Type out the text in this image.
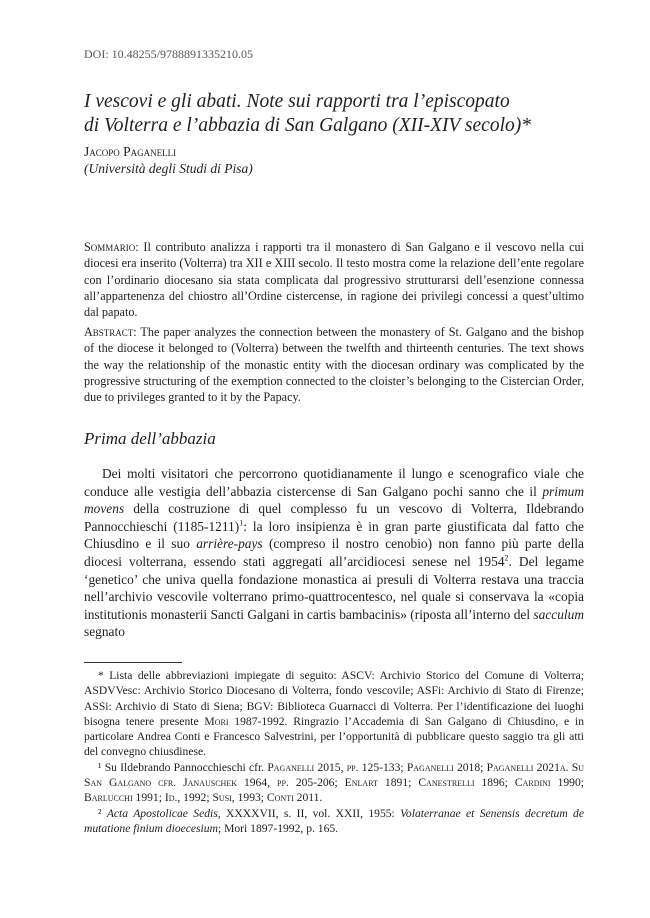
DOI: 10.48255/9788891335210.05
I vescovi e gli abati. Note sui rapporti tra l’episcopato
di Volterra e l’abbazia di San Galgano (XII-XIV secolo)*
Jacopo Paganelli
(Università degli Studi di Pisa)
Sommario: Il contributo analizza i rapporti tra il monastero di San Galgano e il vescovo nella cui diocesi era inserito (Volterra) tra XII e XIII secolo. Il testo mostra come la relazione dell’ente regolare con l’ordinario diocesano sia stata complicata dal progressivo strutturarsi dell’esenzione connessa all’appartenenza del chiostro all’Ordine cistercense, in ragione dei privilegi concessi a quest’ultimo dal papato.
Abstract: The paper analyzes the connection between the monastery of St. Galgano and the bishop of the diocese it belonged to (Volterra) between the twelfth and thirteenth centuries. The text shows the way the relationship of the monastic entity with the diocesan ordinary was complicated by the progressive structuring of the exemption connected to the cloister’s belonging to the Cistercian Order, due to privileges granted to it by the Papacy.
Prima dell’abbazia

Dei molti visitatori che percorrono quotidianamente il lungo e scenografico viale che conduce alle vestigia dell’abbazia cistercense di San Galgano pochi sanno che il primum movens della costruzione di quel complesso fu un vescovo di Volterra, Ildebrando Pannocchieschi (1185-1211)$^1$: la loro insipienza è in gran parte giustificata dal fatto che Chiusdino e il suo arrière-pays (compreso il nostro cenobio) non fanno più parte della diocesi volterrana, essendo stati aggregati all’arcidiocesi senese nel 1954$^2$. Del legame ‘genetico’ che univa quella fondazione monastica ai presuli di Volterra restava una traccia nell’archivio vescovile volterrano primo-quattrocentesco, nel quale si conservava la «copia institutionis monasterii Sancti Galgani in cartis bambacinis» (riposta all’interno del sacculum segnato

* Lista delle abbreviazioni impiegate di seguito: ASCV: Archivio Storico del Comune di Volterra; ASDVVesc: Archivio Storico Diocesano di Volterra, fondo vescovile; ASFi: Archivio di Stato di Firenze; ASSi: Archivio di Stato di Siena; BGV: Biblioteca Guarnacci di Volterra. Per l’identificazione dei luoghi bisogna tenere presente Mori 1987-1992. Ringrazio l’Accademia di San Galgano di Chiusdino, e in particolare Andrea Conti e Francesco Salvestrini, per l’opportunità di pubblicare questo saggio tra gli atti del convegno chiusdinese.

¹ Su Ildebrando Pannocchieschi cfr. Paganelli 2015, pp. 125-133; Paganelli 2018; Paganelli 2021a. Su San Galgano cfr. Janauschek 1964, pp. 205-206; Enlart 1891; Canestrelli 1896; Cardini 1990; Barlucchi 1991; Id., 1992; Susi, 1993; Conti 2011.

² Acta Apostolicae Sedis, XXXXVII, s. II, vol. XXII, 1955: Volaterranae et Senensis decretum de mutatione finium dioecesium; Mori 1897-1992, p. 165.
